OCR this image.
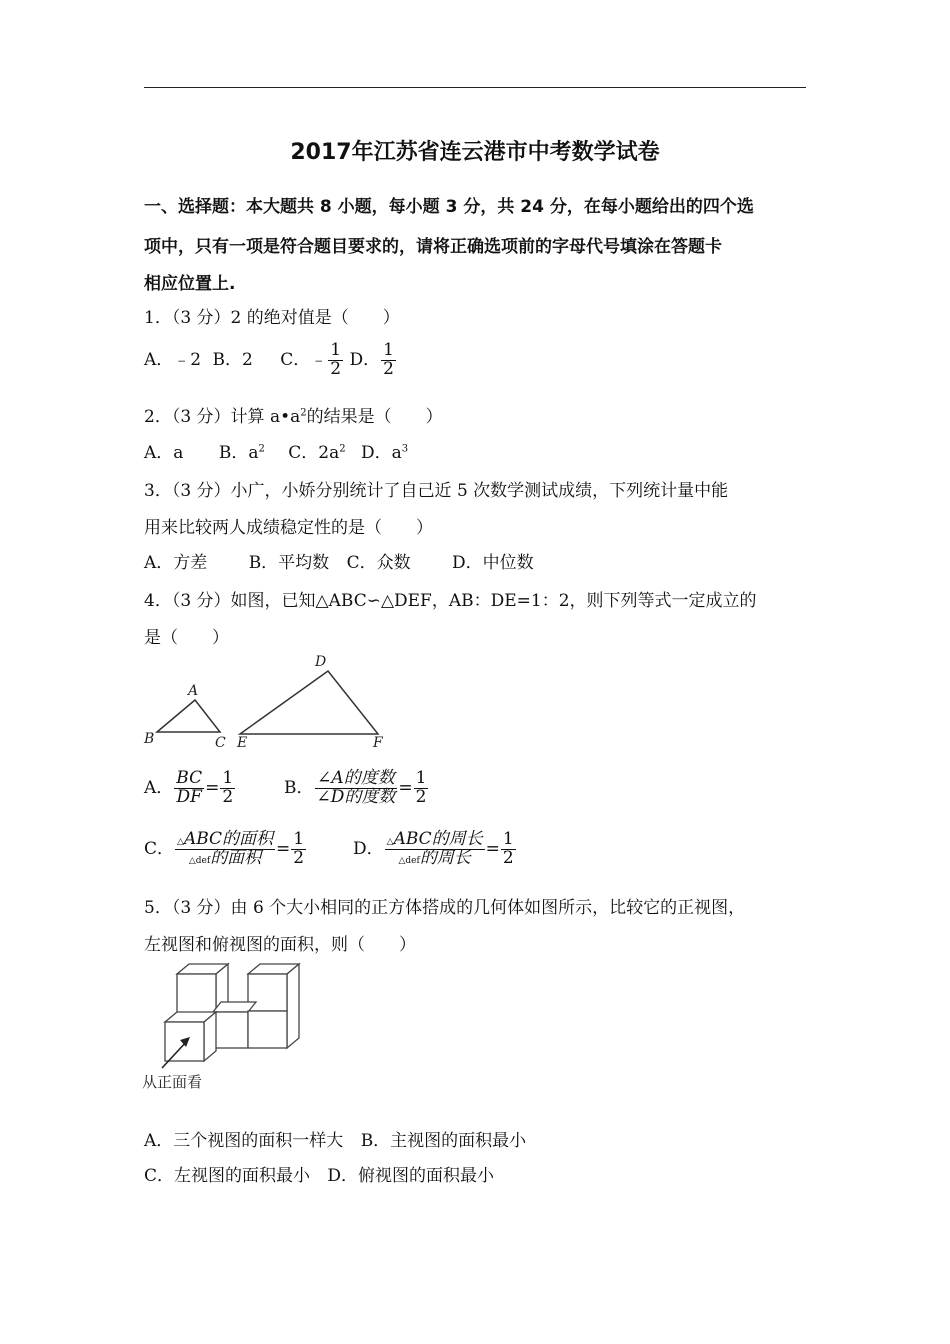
2017年江苏省连云港市中考数学试卷
一、选择题：本大题共 8 小题，每小题 3 分，共 24 分，在每小题给出的四个选
项中，只有一项是符合题目要求的，请将正确选项前的字母代号填涂在答题卡
相应位置上.
1．（3 分）2 的绝对值是（　　）
A．﹣2 B．2 C．﹣ $\frac{1}{2}$ D． $\frac{1}{2}$
2．（3 分）计算 $a•a^2$的结果是（　　）
A．a B．$a^2$ C．$2a^2$ D．$a^3$
3．（3 分）小广，小娇分别统计了自己近 5 次数学测试成绩，下列统计量中能
用来比较两人成绩稳定性的是（　　）
A．方差 B．平均数 C．众数 D．中位数
4．（3 分）如图，已知△ABC∽△DEF，AB：DE=1：2，则下列等式一定成立的
是（　　）
A
B	C
D
E	F
A． $\frac{BC}{DF} = \frac{1}{2}$	B． $\frac{\text{∠A的度数}}{\text{∠D的度数}} = \frac{1}{2}$
C． $\frac{\text{△ABC的面积}}{\text{△def的面积}} = \frac{1}{2}$	D． $\frac{\text{△ABC的周长}}{\text{△def的周长}} = \frac{1}{2}$
5．（3 分）由 6 个大小相同的正方体搭成的几何体如图所示，比较它的正视图，
左视图和俯视图的面积，则（　　）
从正面看
A．三个视图的面积一样大 B．主视图的面积最小
C．左视图的面积最小 D．俯视图的面积最小
